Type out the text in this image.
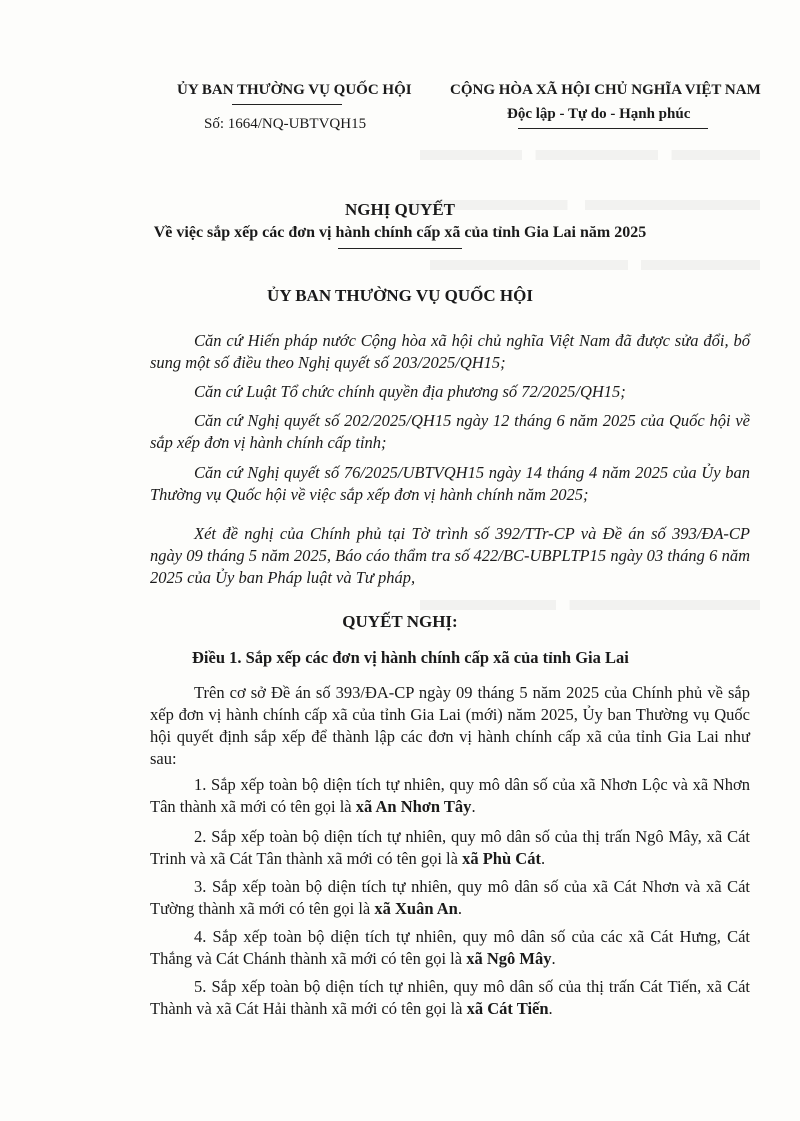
ỦY BAN THƯỜNG VỤ QUỐC HỘI
Số: 1664/NQ-UBTVQH15
CỘNG HÒA XÃ HỘI CHỦ NGHĨA VIỆT NAM
Độc lập - Tự do - Hạnh phúc
NGHỊ QUYẾT
Về việc sắp xếp các đơn vị hành chính cấp xã của tỉnh Gia Lai năm 2025
ỦY BAN THƯỜNG VỤ QUỐC HỘI
Căn cứ Hiến pháp nước Cộng hòa xã hội chủ nghĩa Việt Nam đã được sửa đổi, bổ sung một số điều theo Nghị quyết số 203/2025/QH15;
Căn cứ Luật Tổ chức chính quyền địa phương số 72/2025/QH15;
Căn cứ Nghị quyết số 202/2025/QH15 ngày 12 tháng 6 năm 2025 của Quốc hội về sắp xếp đơn vị hành chính cấp tỉnh;
Căn cứ Nghị quyết số 76/2025/UBTVQH15 ngày 14 tháng 4 năm 2025 của Ủy ban Thường vụ Quốc hội về việc sắp xếp đơn vị hành chính năm 2025;
Xét đề nghị của Chính phủ tại Tờ trình số 392/TTr-CP và Đề án số 393/ĐA-CP ngày 09 tháng 5 năm 2025, Báo cáo thẩm tra số 422/BC-UBPLTP15 ngày 03 tháng 6 năm 2025 của Ủy ban Pháp luật và Tư pháp,
QUYẾT NGHỊ:
Điều 1. Sắp xếp các đơn vị hành chính cấp xã của tỉnh Gia Lai
Trên cơ sở Đề án số 393/ĐA-CP ngày 09 tháng 5 năm 2025 của Chính phủ về sắp xếp đơn vị hành chính cấp xã của tỉnh Gia Lai (mới) năm 2025, Ủy ban Thường vụ Quốc hội quyết định sắp xếp để thành lập các đơn vị hành chính cấp xã của tỉnh Gia Lai như sau:
1. Sắp xếp toàn bộ diện tích tự nhiên, quy mô dân số của xã Nhơn Lộc và xã Nhơn Tân thành xã mới có tên gọi là xã An Nhơn Tây.
2. Sắp xếp toàn bộ diện tích tự nhiên, quy mô dân số của thị trấn Ngô Mây, xã Cát Trinh và xã Cát Tân thành xã mới có tên gọi là xã Phù Cát.
3. Sắp xếp toàn bộ diện tích tự nhiên, quy mô dân số của xã Cát Nhơn và xã Cát Tường thành xã mới có tên gọi là xã Xuân An.
4. Sắp xếp toàn bộ diện tích tự nhiên, quy mô dân số của các xã Cát Hưng, Cát Thắng và Cát Chánh thành xã mới có tên gọi là xã Ngô Mây.
5. Sắp xếp toàn bộ diện tích tự nhiên, quy mô dân số của thị trấn Cát Tiến, xã Cát Thành và xã Cát Hải thành xã mới có tên gọi là xã Cát Tiến.
